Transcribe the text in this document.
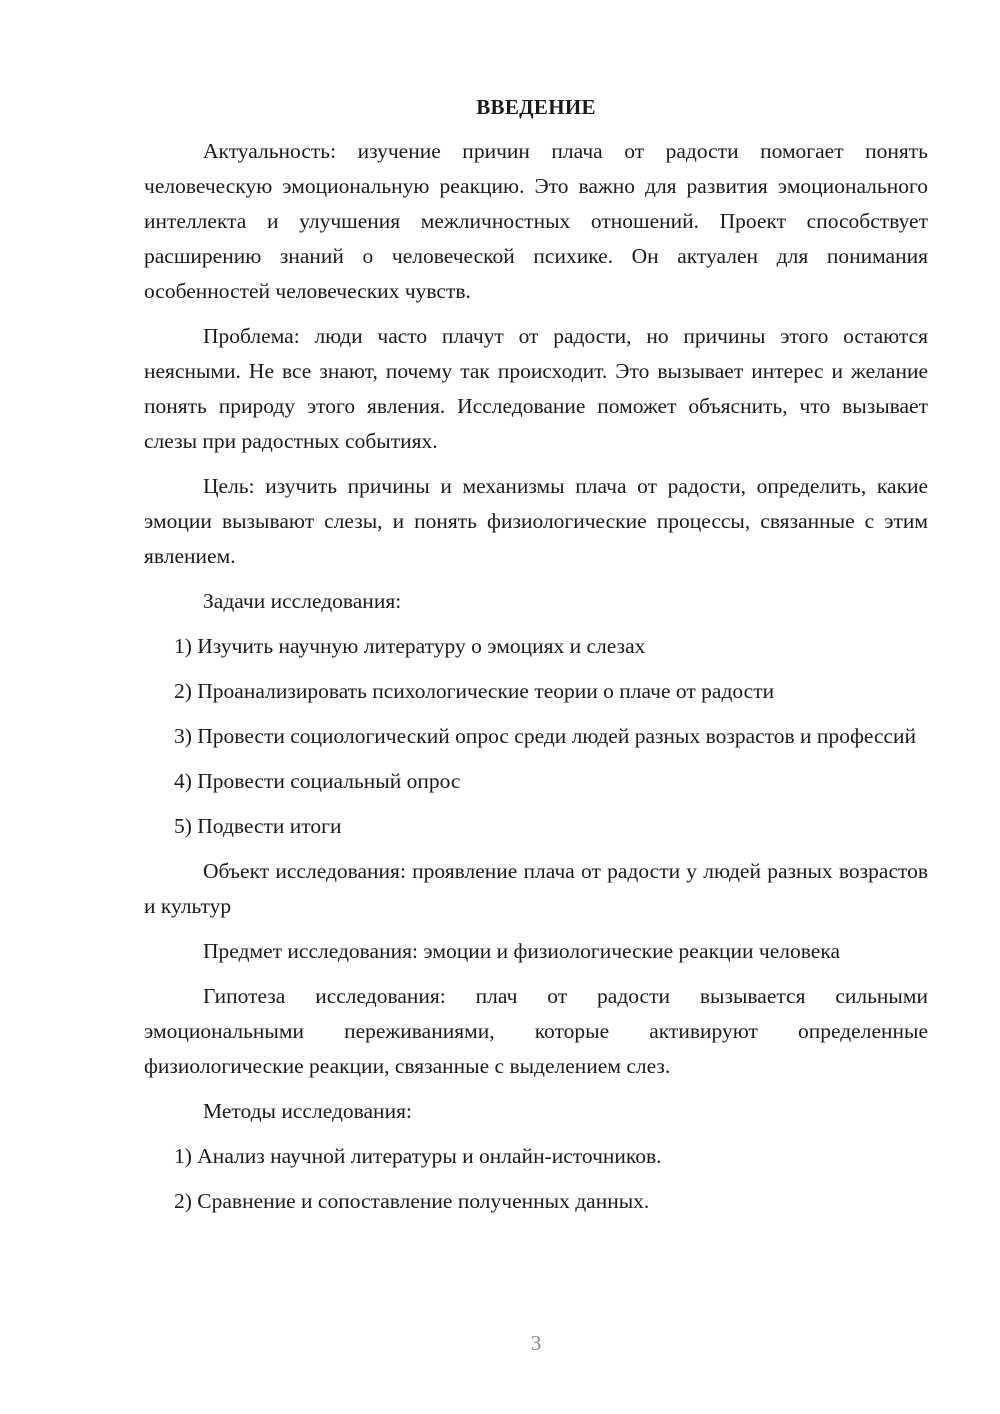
ВВЕДЕНИЕ

Актуальность: изучение причин плача от радости помогает понять человеческую эмоциональную реакцию. Это важно для развития эмоционального интеллекта и улучшения межличностных отношений. Проект способствует расширению знаний о человеческой психике. Он актуален для понимания особенностей человеческих чувств.

Проблема: люди часто плачут от радости, но причины этого остаются неясными. Не все знают, почему так происходит. Это вызывает интерес и желание понять природу этого явления. Исследование поможет объяснить, что вызывает слезы при радостных событиях.

Цель: изучить причины и механизмы плача от радости, определить, какие эмоции вызывают слезы, и понять физиологические процессы, связанные с этим явлением.

Задачи исследования:

1) Изучить научную литературу о эмоциях и слезах

2) Проанализировать психологические теории о плаче от радости

3) Провести социологический опрос среди людей разных возрастов и профессий

4) Провести социальный опрос

5) Подвести итоги

Объект исследования: проявление плача от радости у людей разных возрастов и культур

Предмет исследования: эмоции и физиологические реакции человека

Гипотеза исследования: плач от радости вызывается сильными эмоциональными переживаниями, которые активируют определенные физиологические реакции, связанные с выделением слез.

Методы исследования:

1) Анализ научной литературы и онлайн-источников.

2) Сравнение и сопоставление полученных данных.

3
